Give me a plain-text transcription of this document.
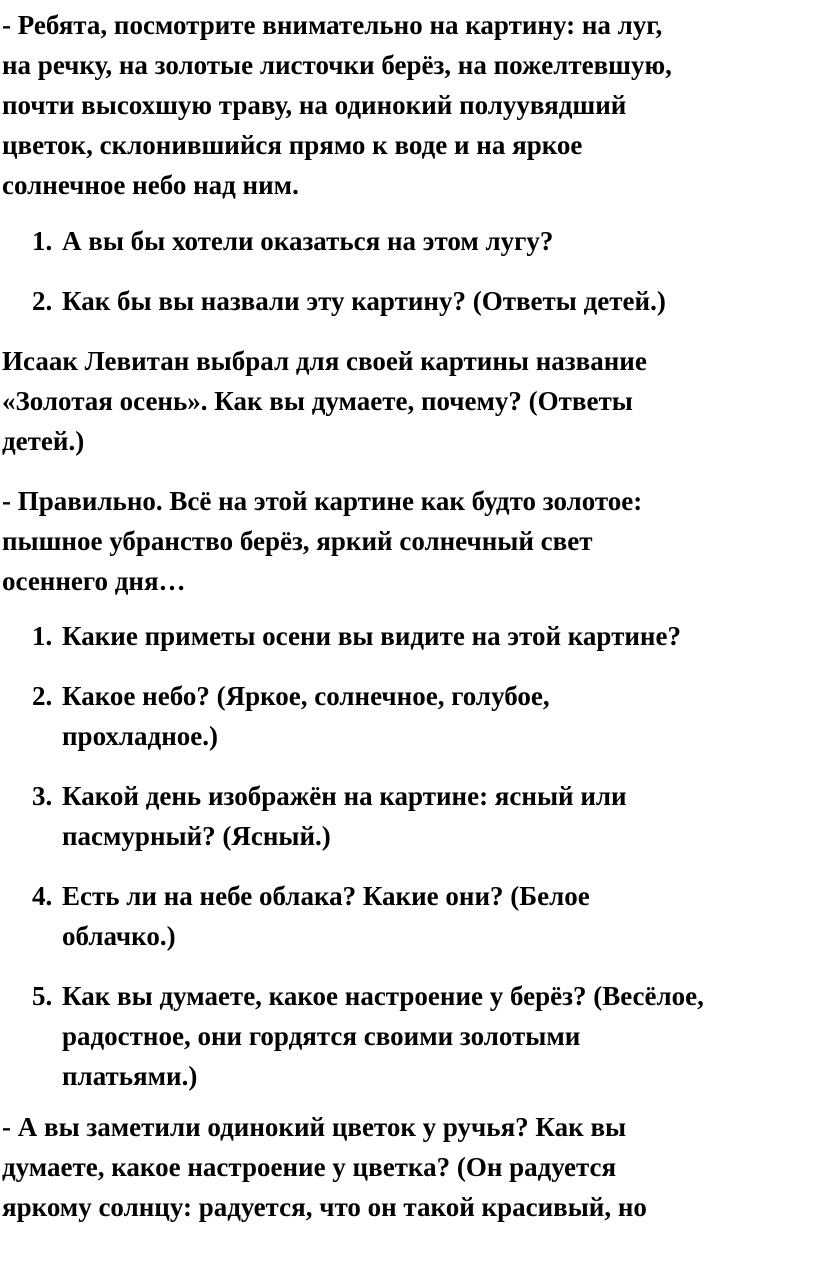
- Ребята, посмотрите внимательно на картину: на луг,
на речку, на золотые листочки берёз, на пожелтевшую,
почти высохшую траву, на одинокий полуувядший
цветок, склонившийся прямо к воде и на яркое
солнечное небо над ним.

1. А вы бы хотели оказаться на этом лугу?
2. Как бы вы назвали эту картину? (Ответы детей.)

Исаак Левитан выбрал для своей картины название
«Золотая осень». Как вы думаете, почему? (Ответы
детей.)

- Правильно. Всё на этой картине как будто золотое:
пышное убранство берёз, яркий солнечный свет
осеннего дня…

1. Какие приметы осени вы видите на этой картине?
2. Какое небо? (Яркое, солнечное, голубое,
прохладное.)
3. Какой день изображён на картине: ясный или
пасмурный? (Ясный.)
4. Есть ли на небе облака? Какие они? (Белое
облачко.)
5. Как вы думаете, какое настроение у берёз? (Весёлое,
радостное, они гордятся своими золотыми
платьями.)

- А вы заметили одинокий цветок у ручья? Как вы
думаете, какое настроение у цветка? (Он радуется
яркому солнцу: радуется, что он такой красивый, но
